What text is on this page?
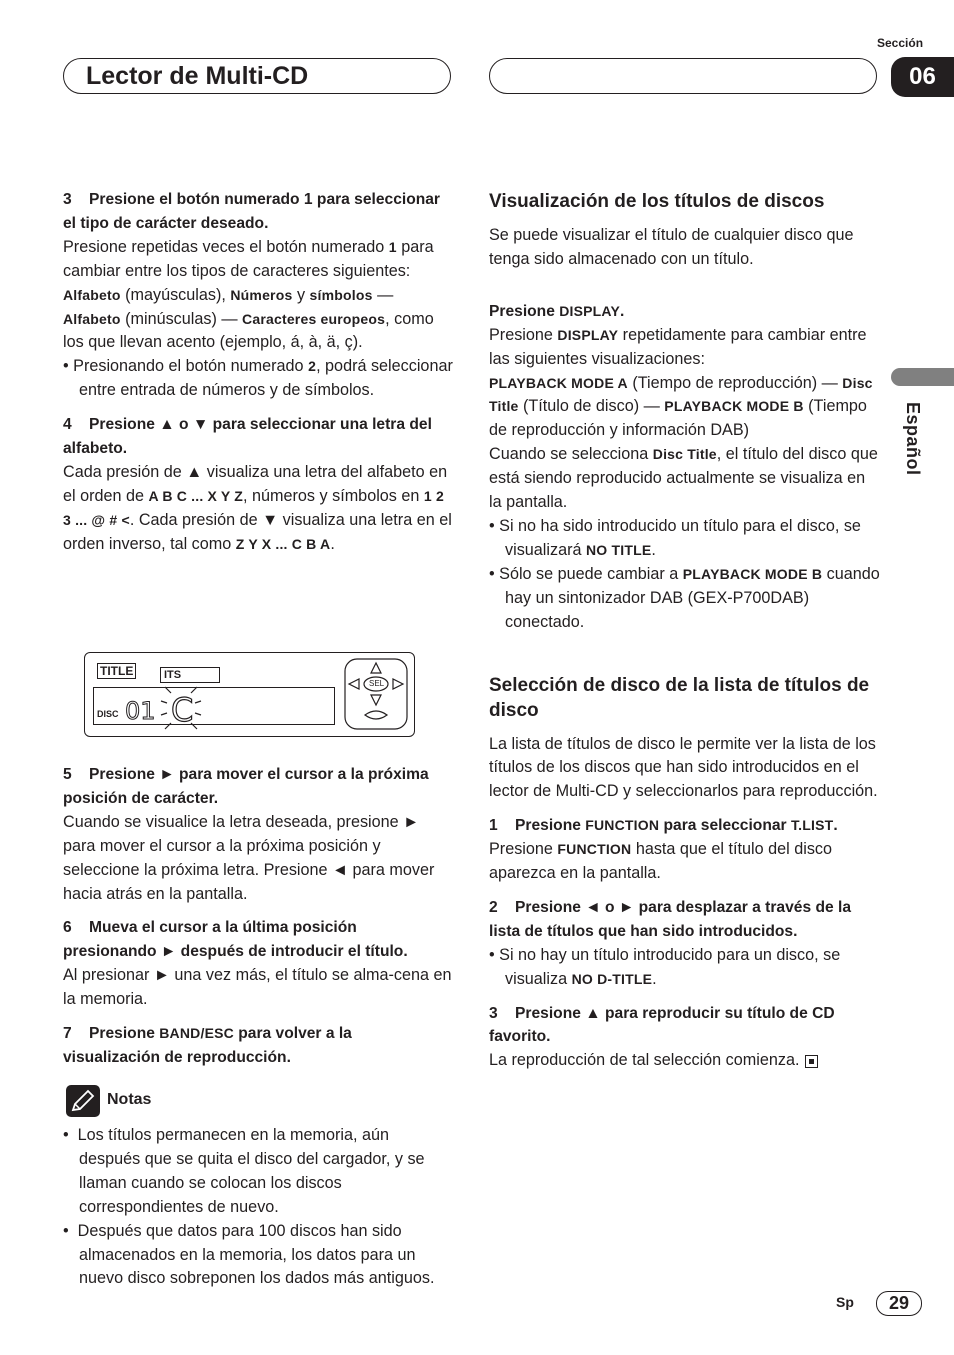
Lector de Multi-CD
Sección
06
Español

3 Presione el botón numerado 1 para seleccionar el tipo de carácter deseado.

Presione repetidas veces el botón numerado 1 para cambiar entre los tipos de caracteres siguientes:

Alfabeto (mayúsculas), Números y símbolos — Alfabeto (minúsculas) — Caracteres europeos, como los que llevan acento (ejemplo, á, à, ä, ç).

• Presionando el botón numerado 2, podrá seleccionar entre entrada de números y de símbolos.

4 Presione ▲ o ▼ para seleccionar una letra del alfabeto.

Cada presión de ▲ visualiza una letra del alfabeto en el orden de A B C ... X Y Z, números y símbolos en 1 2 3 ... @ # <. Cada presión de ▼ visualiza una letra en el orden inverso, tal como Z Y X ... C B A.

TITLE	ITS
DISC 01 C
SEL

5 Presione ► para mover el cursor a la próxima posición de carácter.

Cuando se visualice la letra deseada, presione ► para mover el cursor a la próxima posición y seleccione la próxima letra. Presione ◄ para mover hacia atrás en la pantalla.

6 Mueva el cursor a la última posición presionando ► después de introducir el título.

Al presionar ► una vez más, el título se alma-cena en la memoria.

7 Presione BAND/ESC para volver a la visualización de reproducción.

Notas

•  Los títulos permanecen en la memoria, aún después que se quita el disco del cargador, y se llaman cuando se colocan los discos correspondientes de nuevo.

•  Después que datos para 100 discos han sido almacenados en la memoria, los datos para un nuevo disco sobreponen los dados más antiguos.

Visualización de los títulos de discos

Se puede visualizar el título de cualquier disco que tenga sido almacenado con un título.

Presione DISPLAY.

Presione DISPLAY repetidamente para cambiar entre las siguientes visualizaciones:

PLAYBACK MODE A (Tiempo de reproducción) — Disc Title (Título de disco) — PLAYBACK MODE B (Tiempo de reproducción y información DAB)

Cuando se selecciona Disc Title, el título del disco que está siendo reproducido actualmente se visualiza en la pantalla.

• Si no ha sido introducido un título para el disco, se visualizará NO TITLE.

• Sólo se puede cambiar a PLAYBACK MODE B cuando hay un sintonizador DAB (GEX-P700DAB) conectado.

Selección de disco de la lista de títulos de disco

La lista de títulos de disco le permite ver la lista de los títulos de los discos que han sido introducidos en el lector de Multi-CD y seleccionarlos para reproducción.

1 Presione FUNCTION para seleccionar T.LIST.

Presione FUNCTION hasta que el título del disco aparezca en la pantalla.

2 Presione ◄ o ► para desplazar a través de la lista de títulos que han sido introducidos.

• Si no hay un título introducido para un disco, se visualiza NO D-TITLE.

3 Presione ▲ para reproducir su título de CD favorito.

La reproducción de tal selección comienza.

Sp	29
